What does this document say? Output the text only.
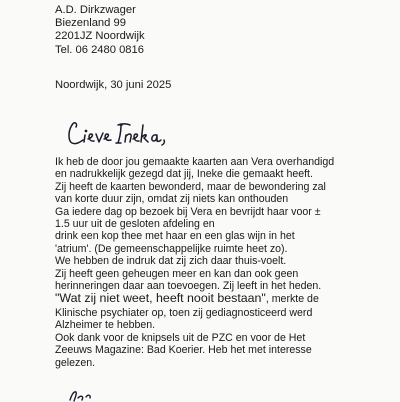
A.D. Dirkzwager
Biezenland 99
2201JZ Noordwijk
Tel. 06 2480 0816
Noordwijk, 30 juni 2025
Ik heb de door jou gemaakte kaarten aan Vera overhandigd
en nadrukkelijk gezegd dat jij, Ineke die gemaakt heeft.
Zij heeft de kaarten bewonderd, maar de bewondering zal
van korte duur zijn, omdat zij niets kan onthouden
Ga iedere dag op bezoek bij Vera en bevrijdt haar voor ±
1.5 uur uit de gesloten afdeling en
drink een kop thee met haar en een glas wijn in het
'atrium'. (De gemeenschappelijke ruimte heet zo).
We hebben de indruk dat zij zich daar thuis-voelt.
Zij heeft geen geheugen meer en kan dan ook geen
herinneringen daar aan toevoegen. Zij leeft in het heden.
"Wat zij niet weet, heeft nooit bestaan", merkte de
Klinische psychiater op, toen zij gediagnosticeerd werd
Alzheimer te hebben.
Ook dank voor de knipsels uit de PZC en voor de Het
Zeeuws Magazine: Bad Koerier. Heb het met interesse
gelezen.
